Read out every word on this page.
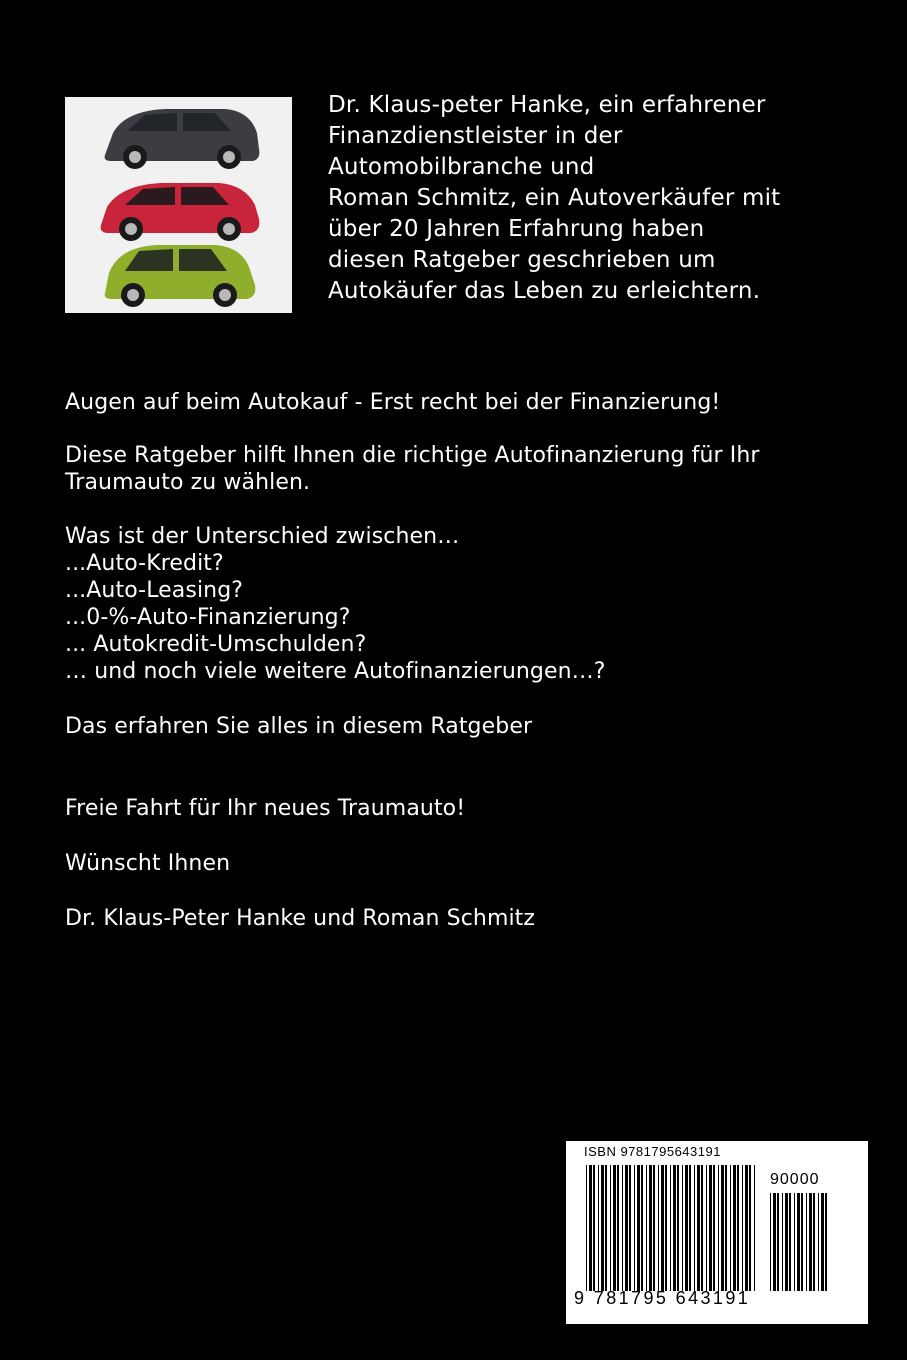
Dr. Klaus-peter Hanke, ein erfahrener
Finanzdienstleister in der
Automobilbranche und
Roman Schmitz, ein Autoverkäufer mit
über 20 Jahren Erfahrung haben
diesen Ratgeber geschrieben um
Autokäufer das Leben zu erleichtern.
Augen auf beim Autokauf - Erst recht bei der Finanzierung!
Diese Ratgeber hilft Ihnen die richtige Autofinanzierung für Ihr
Traumauto zu wählen.
Was ist der Unterschied zwischen…
...Auto-Kredit?
...Auto-Leasing?
...0-%-Auto-Finanzierung?
... Autokredit-Umschulden?
… und noch viele weitere Autofinanzierungen…?
Das erfahren Sie alles in diesem Ratgeber
Freie Fahrt für Ihr neues Traumauto!
Wünscht Ihnen
Dr. Klaus-Peter Hanke und Roman Schmitz
ISBN 9781795643191
90000
9 781795 643191
